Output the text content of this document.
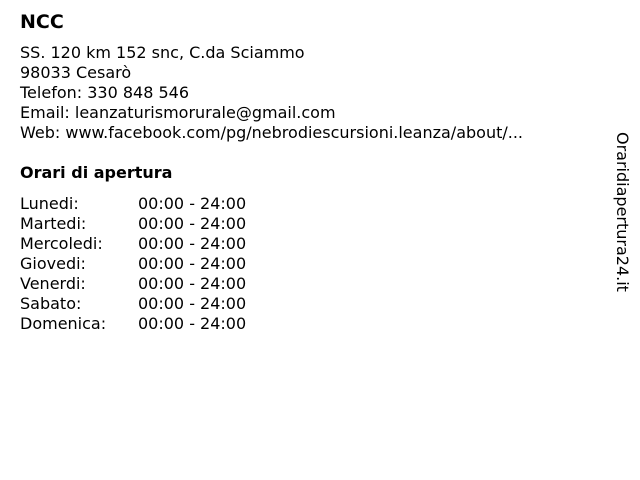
NCC
SS. 120 km 152 snc, C.da Sciammo
98033 Cesarò
Telefon: 330 848 546
Email: leanzaturismorurale@gmail.com
Web: www.facebook.com/pg/nebrodiescursioni.leanza/about/...
Orari di apertura
Lunedi:	00:00 - 24:00
Martedi:	00:00 - 24:00
Mercoledi: 00:00 - 24:00
Giovedi:	00:00 - 24:00
Venerdi:	00:00 - 24:00
Sabato:	00:00 - 24:00
Domenica: 00:00 - 24:00
Oraridiapertura24.it
